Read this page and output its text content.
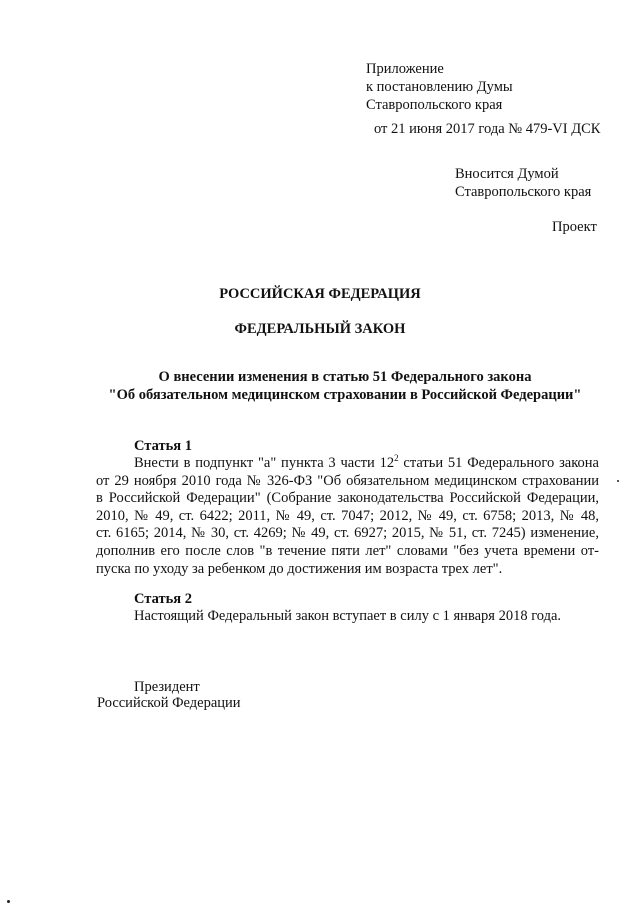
Приложение
к постановлению Думы
Ставропольского края
от 21 июня 2017 года № 479-VI ДСК
Вносится Думой
Ставропольского края
Проект
РОССИЙСКАЯ ФЕДЕРАЦИЯ
ФЕДЕРАЛЬНЫЙ ЗАКОН
О внесении изменения в статью 51 Федерального закона
"Об обязательном медицинском страховании в Российской Федерации"
Статья 1
Внести в подпункт "а" пункта 3 части $12^2$ статьи 51 Федерального закона
от 29 ноября 2010 года № 326-ФЗ "Об обязательном медицинском страховании
в Российской Федерации" (Собрание законодательства Российской Федерации,
2010, № 49, ст. 6422; 2011, № 49, ст. 7047; 2012, № 49, ст. 6758; 2013, № 48,
ст. 6165; 2014, № 30, ст. 4269; № 49, ст. 6927; 2015, № 51, ст. 7245) изменение,
дополнив его после слов "в течение пяти лет" словами "без учета времени от-
пуска по уходу за ребенком до достижения им возраста трех лет".
Статья 2
Настоящий Федеральный закон вступает в силу с 1 января 2018 года.
Президент
Российской Федерации
